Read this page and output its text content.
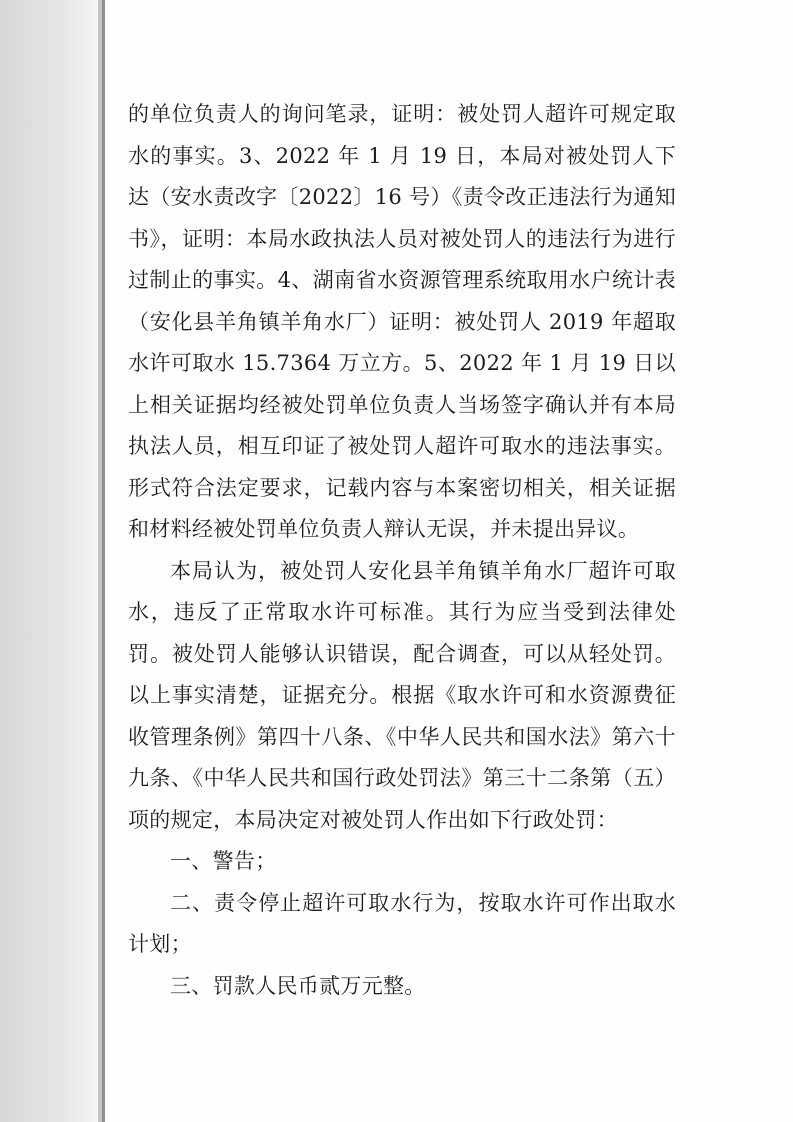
的单位负责人的询问笔录，证明：被处罚人超许可规定取水的事实。3、2022 年 1 月 19 日，本局对被处罚人下达（安水责改字〔2022〕16 号）《责令改正违法行为通知书》，证明：本局水政执法人员对被处罚人的违法行为进行过制止的事实。4、湖南省水资源管理系统取用水户统计表（安化县羊角镇羊角水厂）证明：被处罚人 2019 年超取水许可取水 15.7364 万立方。5、2022 年 1 月 19 日以上相关证据均经被处罚单位负责人当场签字确认并有本局执法人员，相互印证了被处罚人超许可取水的违法事实。形式符合法定要求，记载内容与本案密切相关，相关证据和材料经被处罚单位负责人辩认无误，并未提出异议。

本局认为，被处罚人安化县羊角镇羊角水厂超许可取水，违反了正常取水许可标准。其行为应当受到法律处罚。被处罚人能够认识错误，配合调查，可以从轻处罚。以上事实清楚，证据充分。根据《取水许可和水资源费征收管理条例》第四十八条、《中华人民共和国水法》第六十九条、《中华人民共和国行政处罚法》第三十二条第（五）项的规定，本局决定对被处罚人作出如下行政处罚：

一、警告；

二、责令停止超许可取水行为，按取水许可作出取水计划；

三、罚款人民币贰万元整。
